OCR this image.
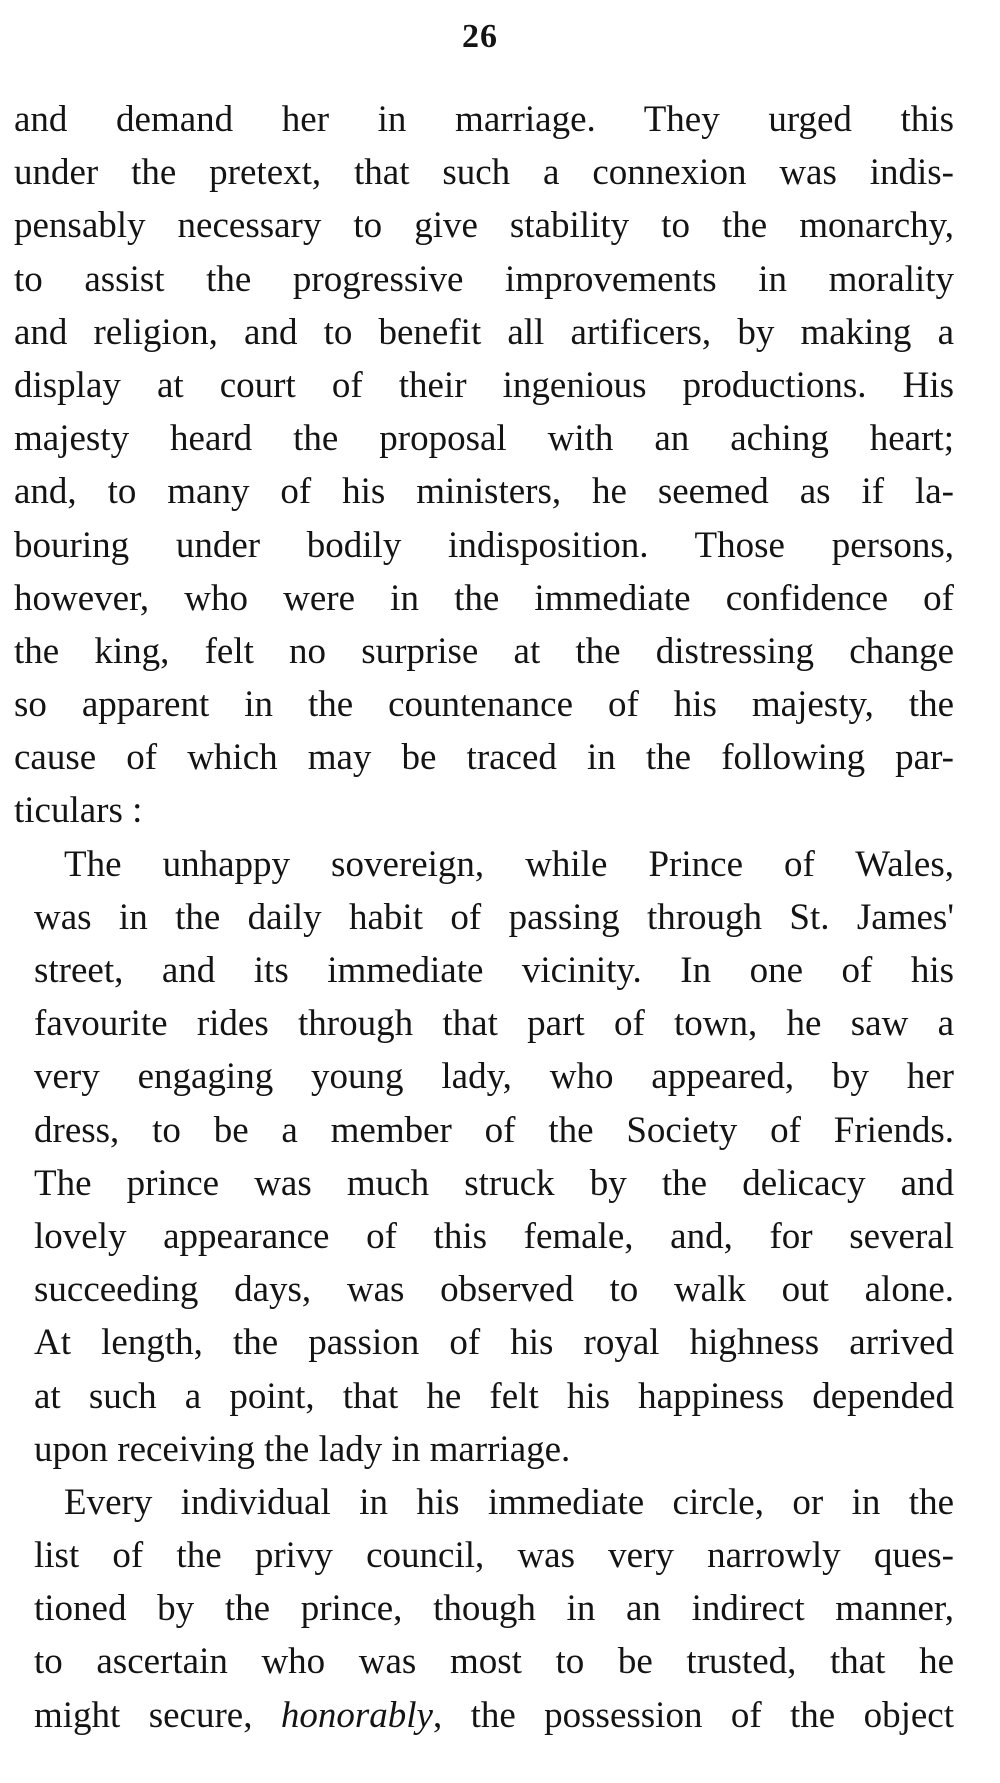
26
and demand her in marriage. They urged this
under the pretext, that such a connexion was indis-
pensably necessary to give stability to the monarchy,
to assist the progressive improvements in morality
and religion, and to benefit all artificers, by making a
display at court of their ingenious productions. His
majesty heard the proposal with an aching heart;
and, to many of his ministers, he seemed as if la-
bouring under bodily indisposition. Those persons,
however, who were in the immediate confidence of
the king, felt no surprise at the distressing change
so apparent in the countenance of his majesty, the
cause of which may be traced in the following par-
ticulars :
The unhappy sovereign, while Prince of Wales,
was in the daily habit of passing through St. James'
street, and its immediate vicinity. In one of his
favourite rides through that part of town, he saw a
very engaging young lady, who appeared, by her
dress, to be a member of the Society of Friends.
The prince was much struck by the delicacy and
lovely appearance of this female, and, for several
succeeding days, was observed to walk out alone.
At length, the passion of his royal highness arrived
at such a point, that he felt his happiness depended
upon receiving the lady in marriage.
Every individual in his immediate circle, or in the
list of the privy council, was very narrowly ques-
tioned by the prince, though in an indirect manner,
to ascertain who was most to be trusted, that he
might secure, honorably, the possession of the object
